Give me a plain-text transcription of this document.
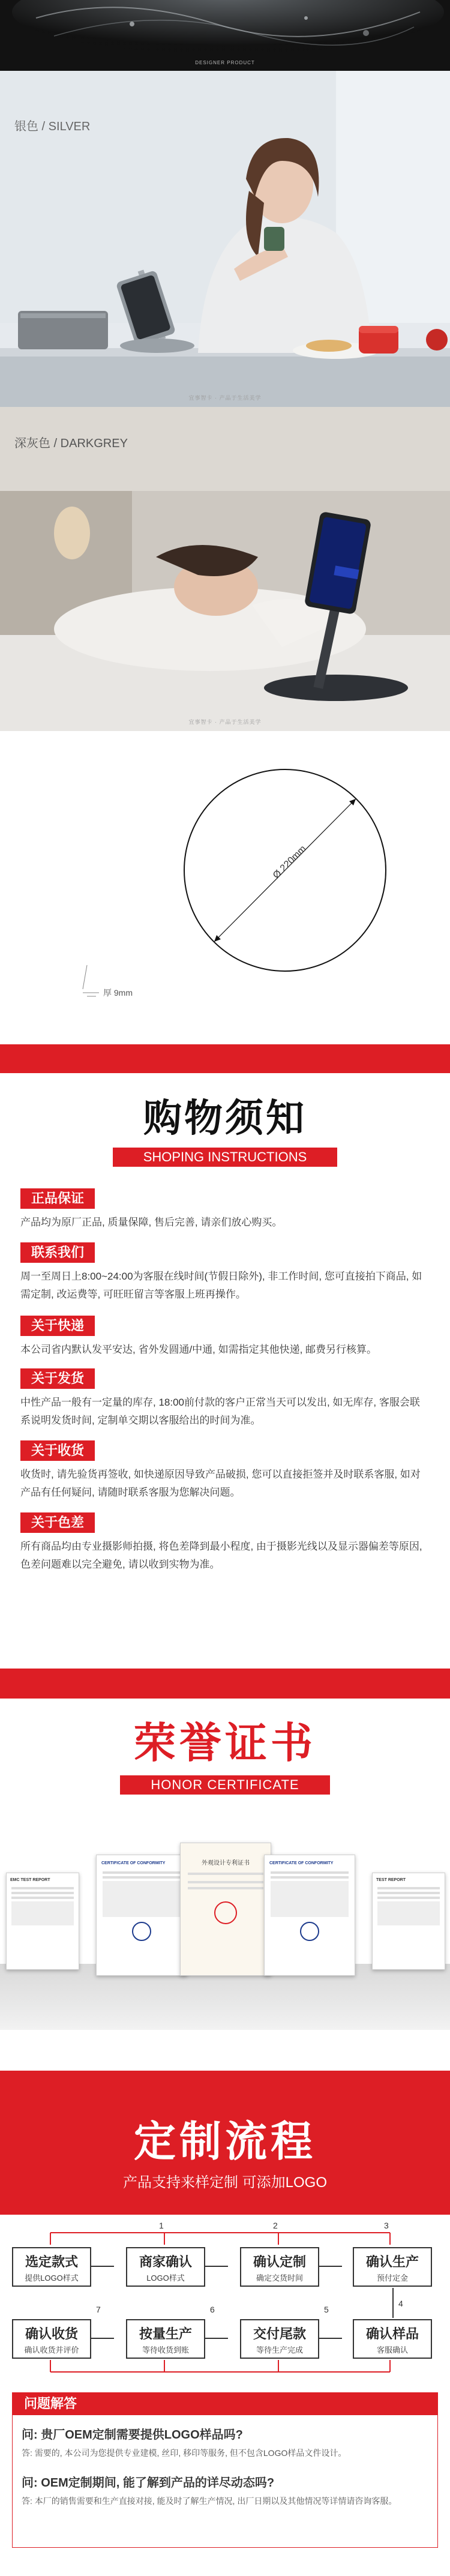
DESIGNER PRODUCT
银色 / SILVER
宜事智卡 · 产品于生活美学
深灰色 / DARKGREY
宜事智卡 · 产品于生活美学
Ø 220mm
厚 9mm
购物须知
SHOPING INSTRUCTIONS
正品保证
产品均为原厂正品, 质量保障, 售后完善, 请亲们放心购买。
联系我们
周一至周日上8:00~24:00为客服在线时间(节假日除外), 非工作时间, 您可直接拍下商品, 如需定制, 改运费等, 可旺旺留言等客服上班再操作。
关于快递
本公司省内默认发平安达, 省外发圆通/中通, 如需指定其他快递, 邮费另行核算。
关于发货
中性产品一般有一定量的库存, 18:00前付款的客户正常当天可以发出, 如无库存, 客服会联系说明发货时间, 定制单交期以客服给出的时间为准。
关于收货
收货时, 请先验货再签收, 如快递原因导致产品破损, 您可以直接拒签并及时联系客服, 如对产品有任何疑问, 请随时联系客服为您解决问题。
关于色差
所有商品均由专业摄影师拍摄, 将色差降到最小程度, 由于摄影光线以及显示器偏差等原因, 色差问题难以完全避免, 请以收到实物为准。
荣誉证书
HONOR CERTIFICATE
EMC TEST REPORT
CERTIFICATE OF CONFORMITY	外观设计专利证书	CERTIFICATE OF CONFORMITY
TEST REPORT
定制流程
产品支持来样定制 可添加LOGO
1	2	3
4
5
6
7
选定款式
提供LOGO样式
商家确认
LOGO样式
确认定制
确定交货时间
确认生产
预付定金
确认样品
客服确认
交付尾款
等待生产完成
按量生产
等待收货到账
确认收货
确认收货并评价
问题解答
问: 贵厂OEM定制需要提供LOGO样品吗?
答: 需要的, 本公司为您提供专业建模, 丝印, 移印等服务, 但不包含LOGO样品文件设计。
问: OEM定制期间, 能了解到产品的详尽动态吗?
答: 本厂的销售需要和生产直接对接, 能及时了解生产情况, 出厂日期以及其他情况等详情请咨询客服。
